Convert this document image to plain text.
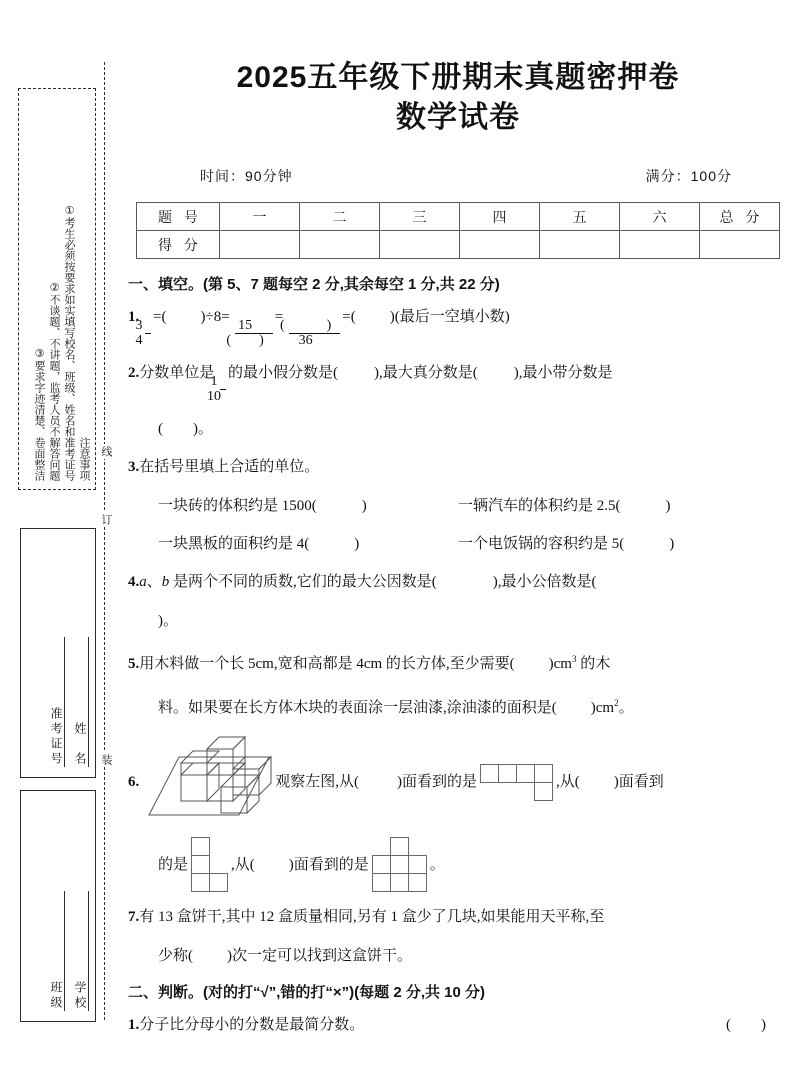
装
订
线
注意事项
①考生必须按要求如实填写校名、班级、姓名和准考证号
②不谈题、不讲题，监考人员不解答问题
③要求字迹清楚、卷面整洁
姓　名
准考证号
学校
班级
2025五年级下册期末真题密押卷
数学试卷
时间：90分钟	满分：100分
题 号	一	二	三	四	五	六	总 分
得 分							
一、填空。(第 5、7 题每空 2 分,其余每空 1 分,共 22 分)
1.
$\frac{3}{4}$
=( )÷8=
$\frac{15}{( )}$
=
$\frac{( )}{36}$
=( )(最后一空填小数)
2.分数单位是
$\frac{1}{10}$
的最小假分数是( ),最大真分数是( ),最小带分数是
(　　)。
3.在括号里填上合适的单位。
一块砖的体积约是 1500(　　　)	一辆汽车的体积约是 2.5(　　　)
一块黑板的面积约是 4(　　　)	一个电饭锅的容积约是 5(　　　)
4.a、b 是两个不同的质数,它们的最大公因数是(	),最小公倍数是(
)。
5.用木料做一个长 5cm,宽和高都是 4cm 的长方体,至少需要( )$cm^3$ 的木
料。如果要在长方体木块的表面涂一层油漆,涂油漆的面积是( )$cm^2$。
6.	观察左图,从(	)面看到的是

				,从( )面看到
的是

		,从( )面看到的是

			。
7.有 13 盒饼干,其中 12 盒质量相同,另有 1 盒少了几块,如果能用天平称,至
少称( )次一定可以找到这盒饼干。
二、判断。(对的打“√”,错的打“×”)(每题 2 分,共 10 分)
1.分子比分母小的分数是最简分数。	(　　)
